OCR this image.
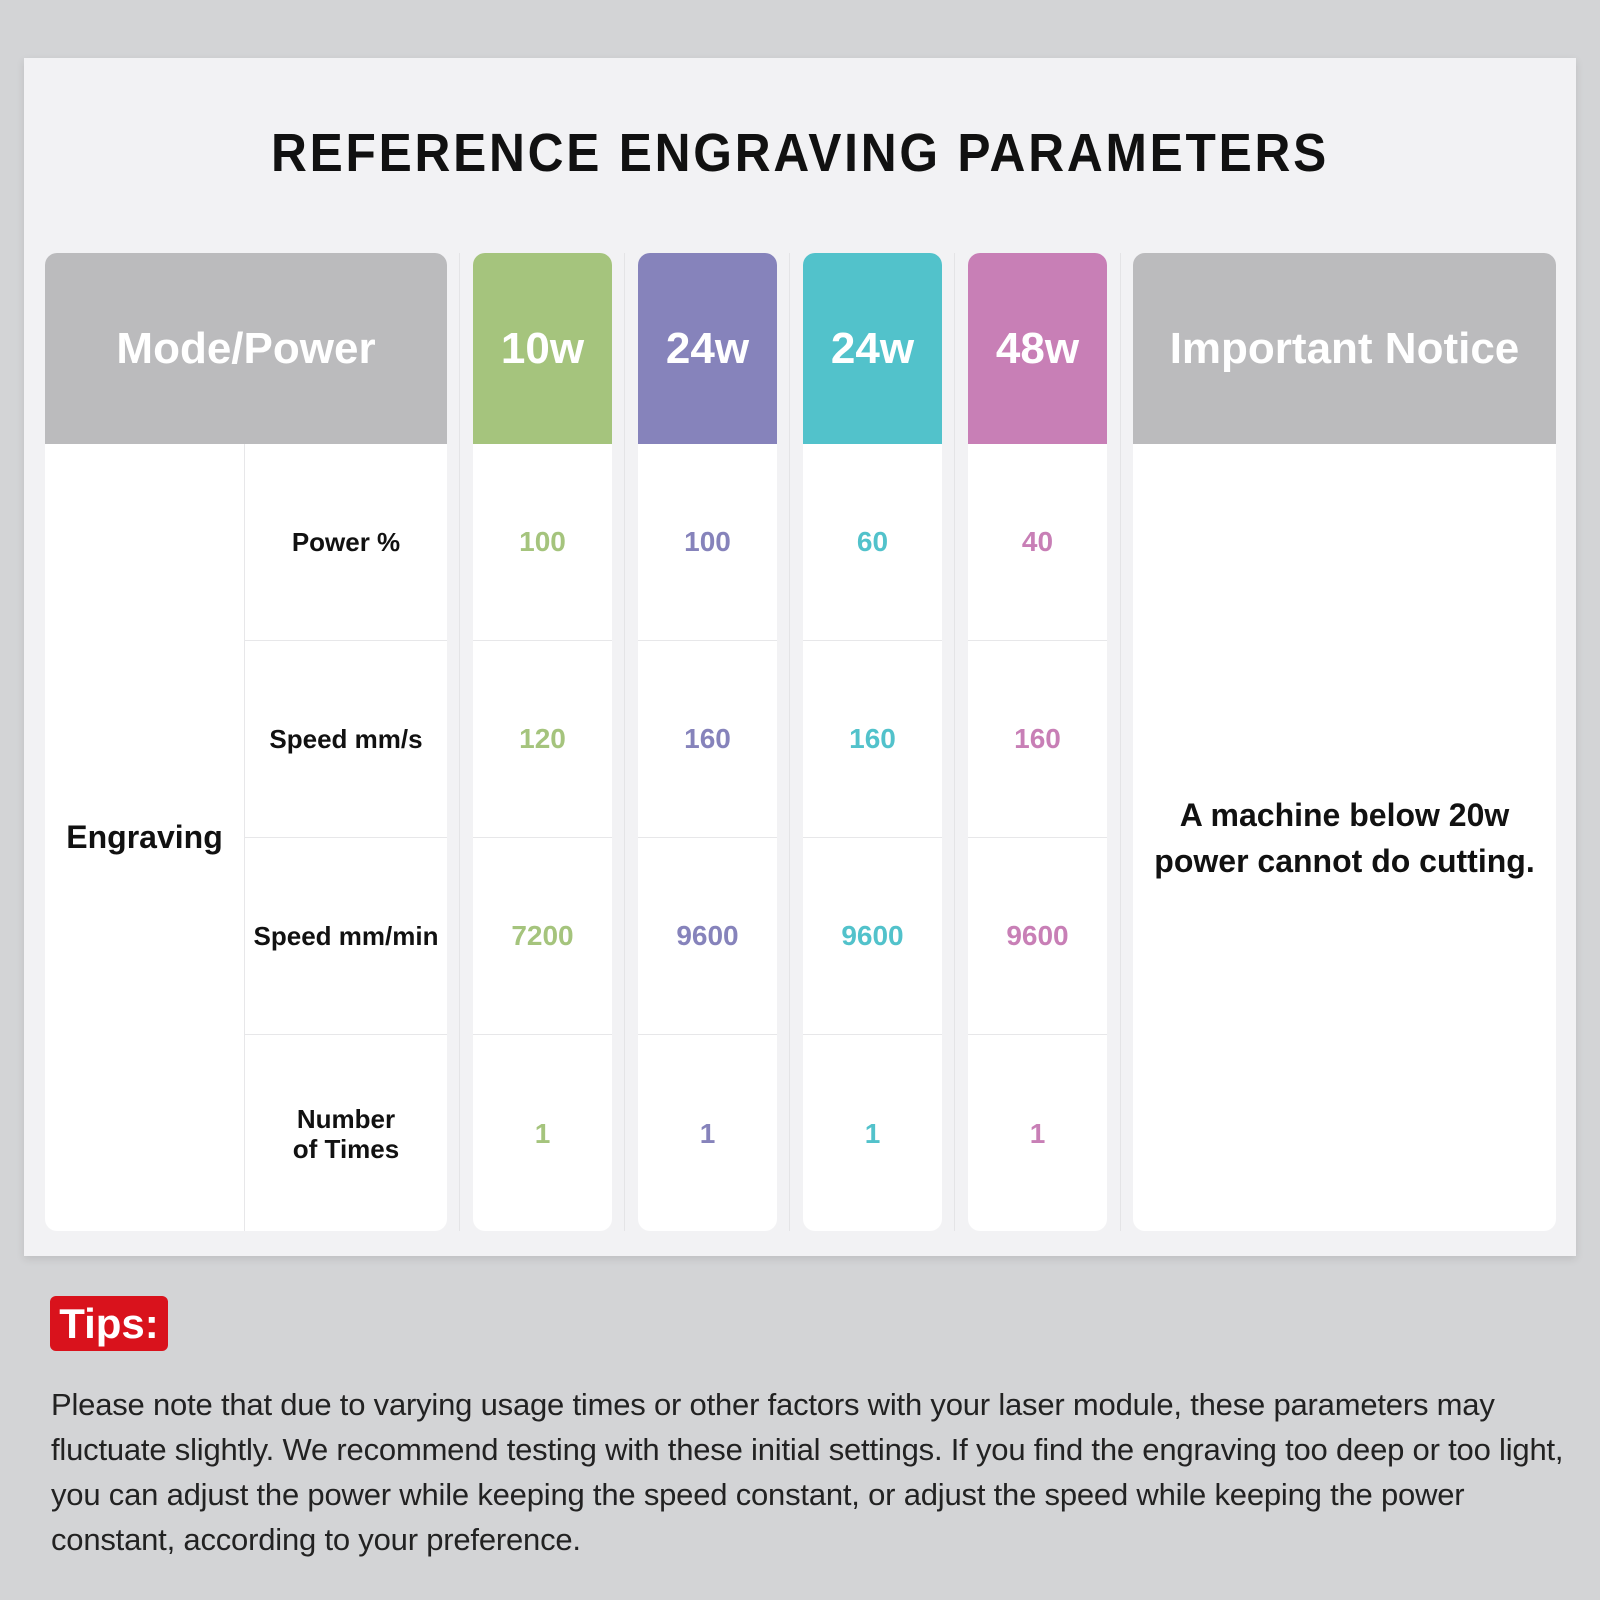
REFERENCE ENGRAVING PARAMETERS
Mode/Power
Engraving
Power %
Speed mm/s
Speed mm/min
Number of Times
10w
100
120
7200
1
24w
100
160
9600
1
24w
60
160
9600
1
48w
40
160
9600
1
Important Notice
A machine below 20w power cannot do cutting.
Tips:
Please note that due to varying usage times or other factors with your laser module, these parameters may fluctuate slightly. We recommend testing with these initial settings. If you find the engraving too deep or too light, you can adjust the power while keeping the speed constant, or adjust the speed while keeping the power constant, according to your preference.
